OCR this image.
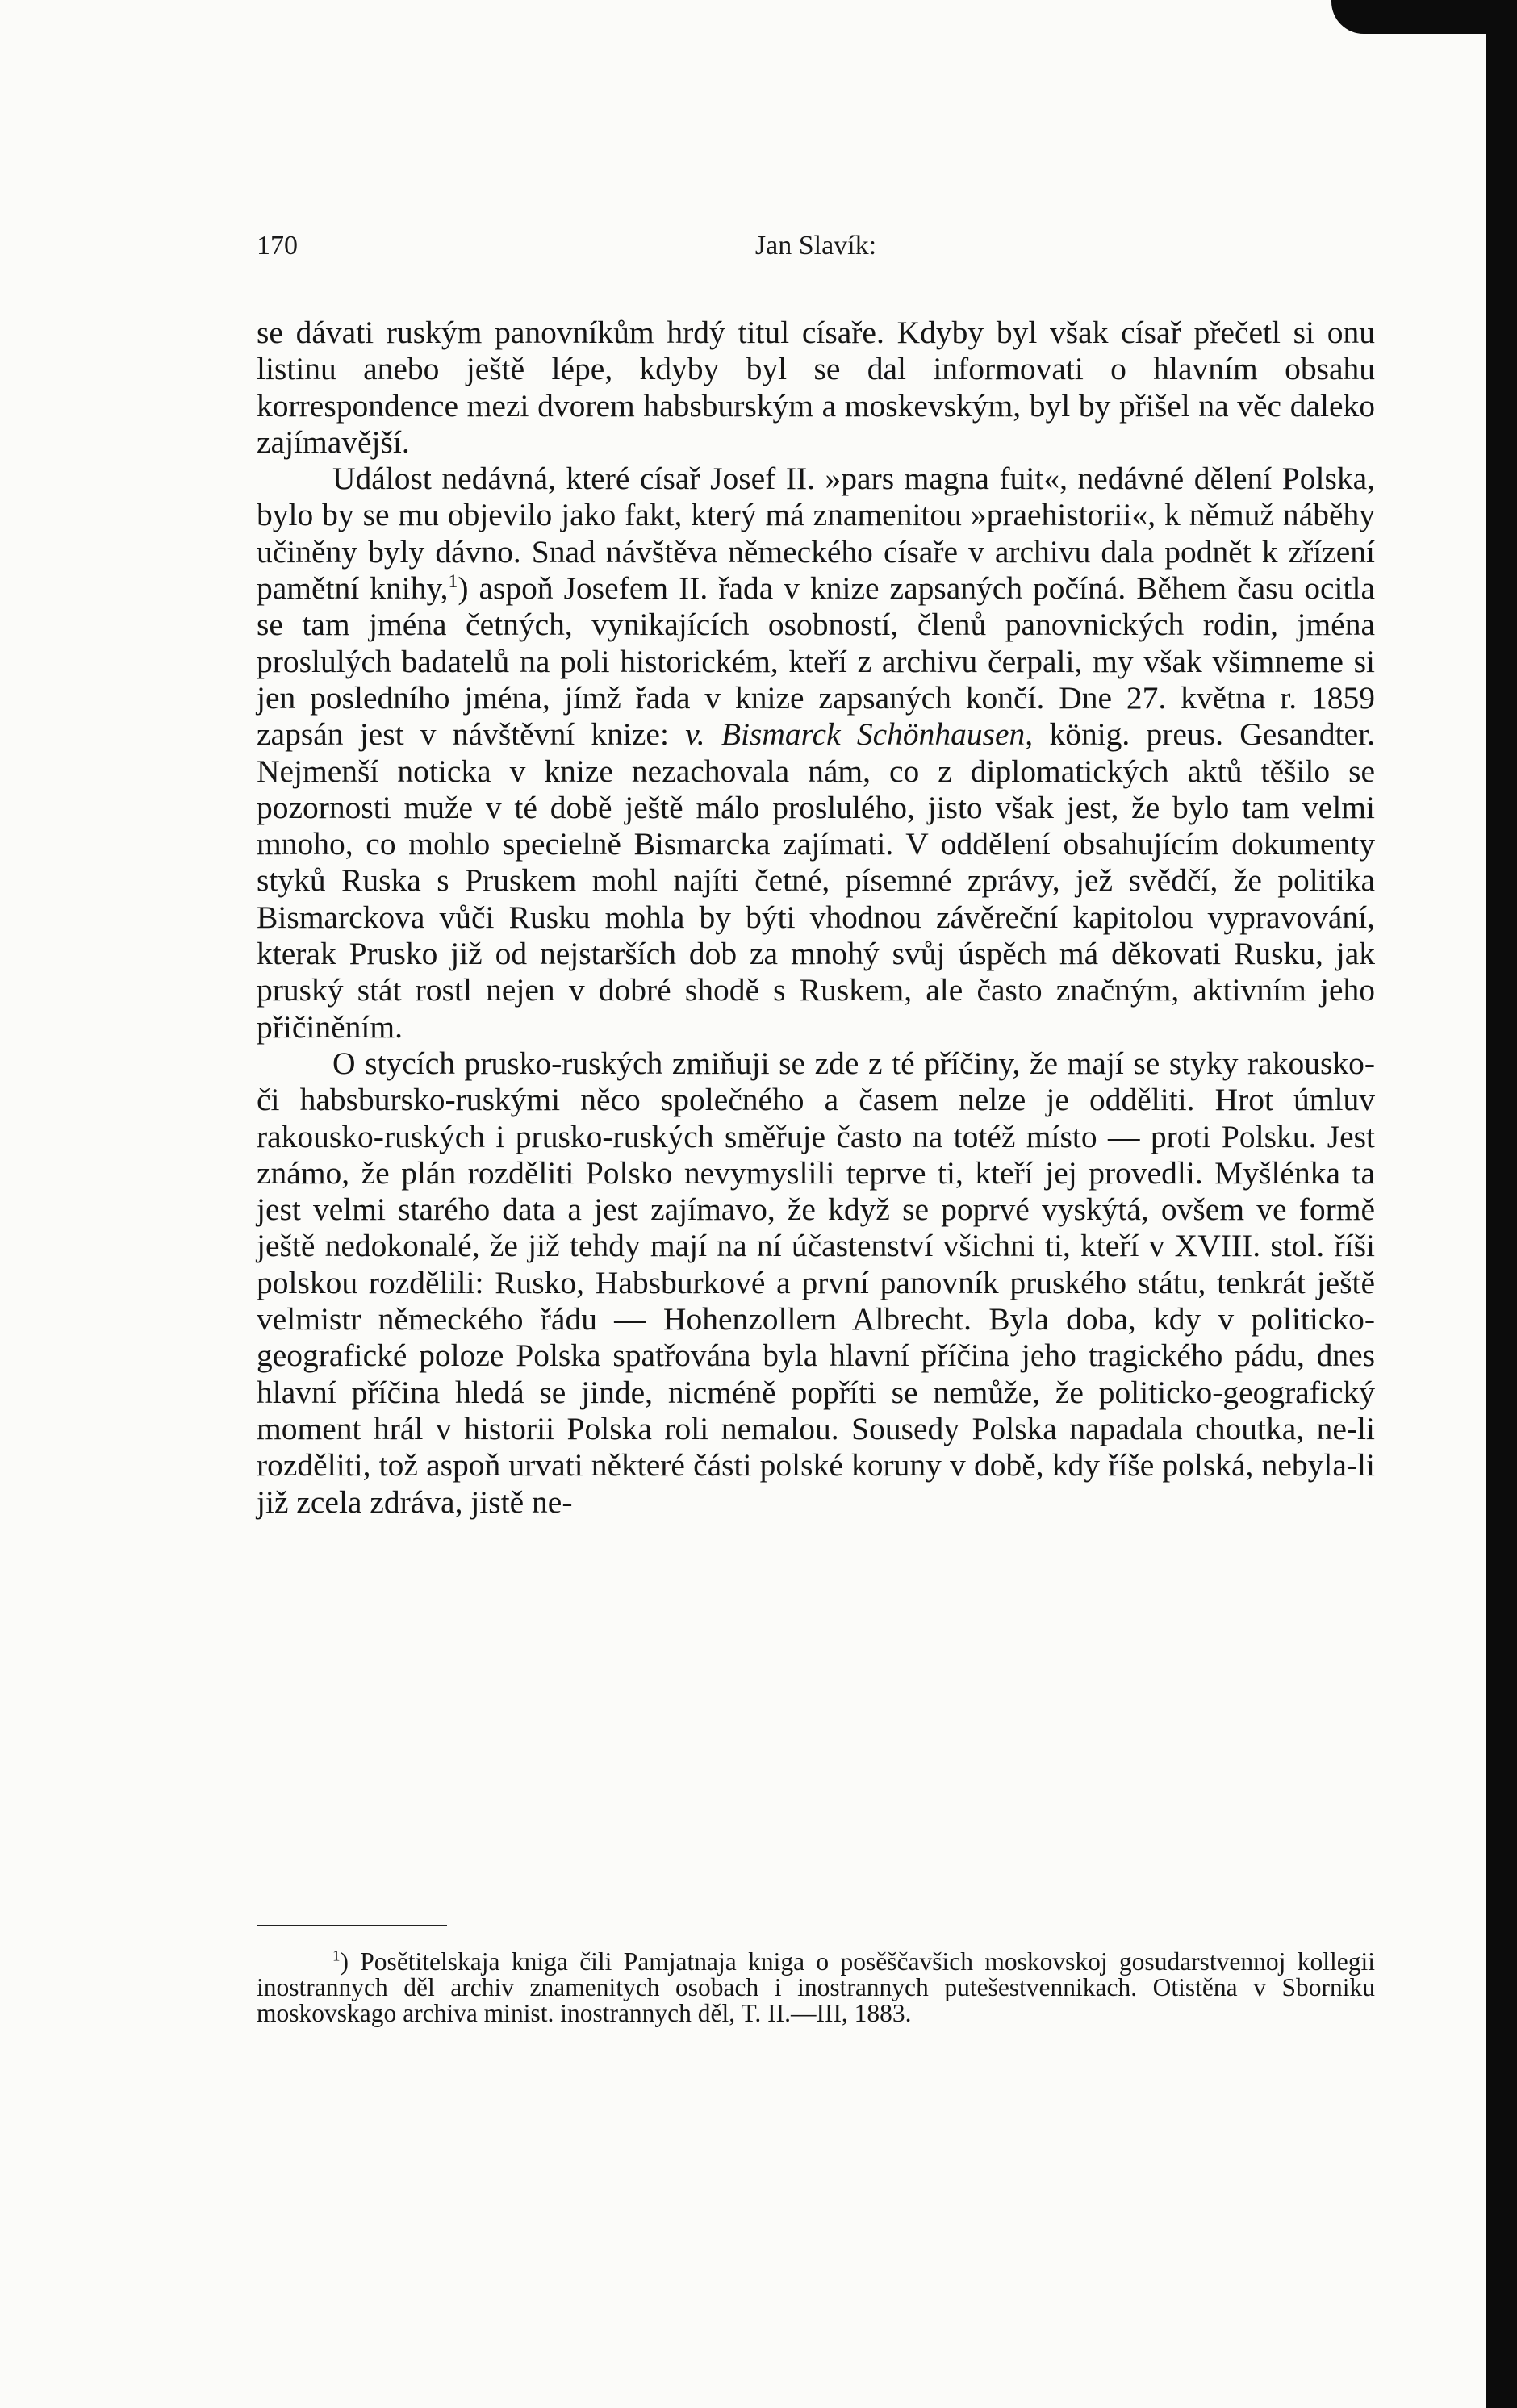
170	Jan Slavík:

se dávati ruským panovníkům hrdý titul císaře. Kdyby byl však císař přečetl si onu listinu anebo ještě lépe, kdyby byl se dal informovati o hlavním obsahu korrespondence mezi dvorem habsburským a moskevským, byl by přišel na věc daleko zajímavější.

Událost nedávná, které císař Josef II. »pars magna fuit«, nedávné dělení Polska, bylo by se mu objevilo jako fakt, který má znamenitou »praehistorii«, k němuž náběhy učiněny byly dávno. Snad návštěva německého císaře v archivu dala podnět k zřízení pamětní knihy,$^1$) aspoň Josefem II. řada v knize zapsaných počíná. Během času ocitla se tam jména četných, vynikajících osobností, členů panovnických rodin, jména proslulých badatelů na poli historickém, kteří z archivu čerpali, my však všimneme si jen posledního jména, jímž řada v knize zapsaných končí. Dne 27. května r. 1859 zapsán jest v návštěvní knize: v. Bismarck Schönhausen, könig. preus. Gesandter. Nejmenší noticka v knize nezachovala nám, co z diplomatických aktů těšilo se pozornosti muže v té době ještě málo proslulého, jisto však jest, že bylo tam velmi mnoho, co mohlo specielně Bismarcka zajímati. V oddělení obsahujícím dokumenty styků Ruska s Pruskem mohl najíti četné, písemné zprávy, jež svědčí, že politika Bismarckova vůči Rusku mohla by býti vhodnou závěreční kapitolou vypravování, kterak Prusko již od nejstarších dob za mnohý svůj úspěch má děkovati Rusku, jak pruský stát rostl nejen v dobré shodě s Ruskem, ale často značným, aktivním jeho přičiněním.

O stycích prusko-ruských zmiňuji se zde z té příčiny, že mají se styky rakousko- či habsbursko-ruskými něco společného a časem nelze je odděliti. Hrot úmluv rakousko-ruských i prusko-ruských směřuje často na totéž místo — proti Polsku. Jest známo, že plán rozděliti Polsko nevymyslili teprve ti, kteří jej provedli. Myšlénka ta jest velmi starého data a jest zajímavo, že když se poprvé vyskýtá, ovšem ve formě ještě nedokonalé, že již tehdy mají na ní účastenství všichni ti, kteří v XVIII. stol. říši polskou rozdělili: Rusko, Habsburkové a první panovník pruského státu, tenkrát ještě velmistr německého řádu — Hohenzollern Albrecht. Byla doba, kdy v politicko-geografické poloze Polska spatřována byla hlavní příčina jeho tragického pádu, dnes hlavní příčina hledá se jinde, nicméně popříti se nemůže, že politicko-geografický moment hrál v historii Polska roli nemalou. Sousedy Polska napadala choutka, ne-li rozděliti, tož aspoň urvati některé části polské koruny v době, kdy říše polská, nebyla-li již zcela zdráva, jistě ne-

$^1$) Posětitelskaja kniga čili Pamjatnaja kniga o posěščavšich moskovskoj gosudarstvennoj kollegii inostrannych děl archiv znamenitych osobach i inostrannych putešestvennikach. Otistěna v Sborniku moskovskago archiva minist. inostrannych děl, T. II.—III, 1883.
